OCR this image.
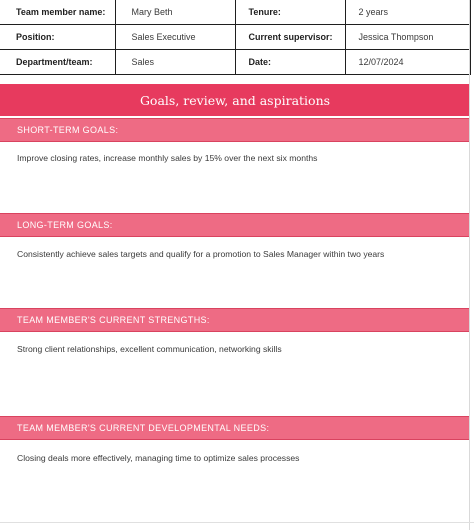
Team member name:	Mary Beth	Tenure:	2 years
Position:	Sales Executive	Current supervisor:	Jessica Thompson
Department/team:	Sales	Date:	12/07/2024
Goals, review, and aspirations
SHORT-TERM GOALS:
Improve closing rates, increase monthly sales by 15% over the next six months
LONG-TERM GOALS:
Consistently achieve sales targets and qualify for a promotion to Sales Manager within two years
TEAM MEMBER'S CURRENT STRENGTHS:
Strong client relationships, excellent communication, networking skills
TEAM MEMBER'S CURRENT DEVELOPMENTAL NEEDS:
Closing deals more effectively, managing time to optimize sales processes
